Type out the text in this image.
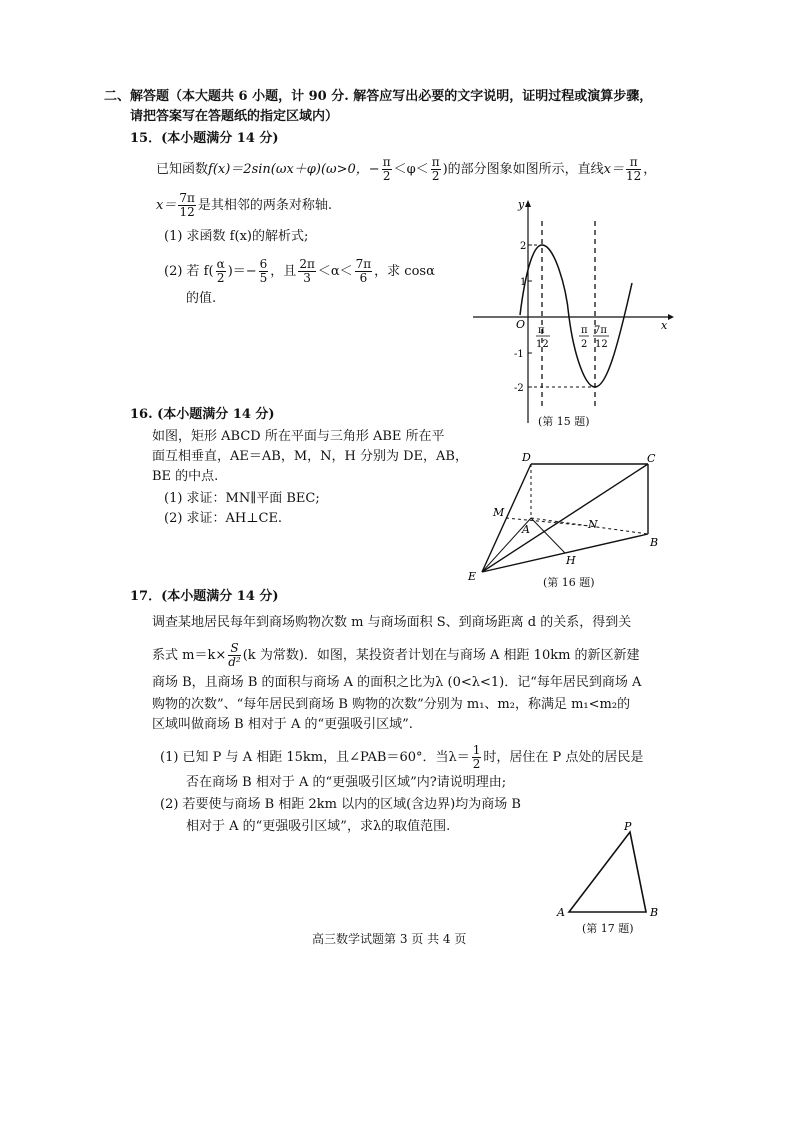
二、解答题（本大题共 6 小题，计 90 分. 解答应写出必要的文字说明，证明过程或演算步骤，
请把答案写在答题纸的指定区域内）
15．(本小题满分 14 分)
已知函数f(x)＝2sin(ωx＋φ)(ω>0，− $\frac{\pi}{2} <\varphi< \frac{\pi}{2}$ )的部分图象如图所示，直线$x= \frac{\pi}{12}$ ，
$x= \frac{7\pi}{12}$ 是其相邻的两条对称轴.
(1) 求函数 f(x)的解析式;
(2) 若 $f( \frac{\alpha}{2}$ )＝− $\frac{6}{5}$ ，且 $\frac{2\pi}{3} <\alpha< \frac{7\pi}{6}$ ，求 cosα
的值.
y
x
O
2
1
-1
-2
π
12
π
2
7π
12
(第 15 题)
16. (本小题满分 14 分)
如图，矩形 ABCD 所在平面与三角形 ABE 所在平
面互相垂直，AE＝AB，M，N，H 分别为 DE，AB，
BE 的中点.
(1) 求证：MN∥平面 BEC;
(2) 求证：AH⊥CE.
D	C
M
A	N
B
H
E	(第 16 题)
17．(本小题满分 14 分)
调查某地居民每年到商场购物次数 m 与商场面积 S、到商场距离 d 的关系，得到关
系式 $m=k\times \frac{S}{\text{d²}} (k$ 为常数)．如图，某投资者计划在与商场 A 相距 10km 的新区新建
商场 B，且商场 B 的面积与商场 A 的面积之比为λ (0<λ<1)．记“每年居民到商场 A
购物的次数”、“每年居民到商场 B 购物的次数”分别为 m₁、m₂，称满足 m₁<m₂的
区域叫做商场 B 相对于 A 的“更强吸引区域”.
(1) 已知 P 与 A 相距 15km，且∠PAB＝60°．当$\lambda= \frac{1}{2}$ 时，居住在 P 点处的居民是
否在商场 B 相对于 A 的“更强吸引区域”内?请说明理由;
(2) 若要使与商场 B 相距 2km 以内的区域(含边界)均为商场 B
相对于 A 的“更强吸引区域”，求λ的取值范围.	P
A	B
(第 17 题)
高三数学试题第 3 页 共 4 页
